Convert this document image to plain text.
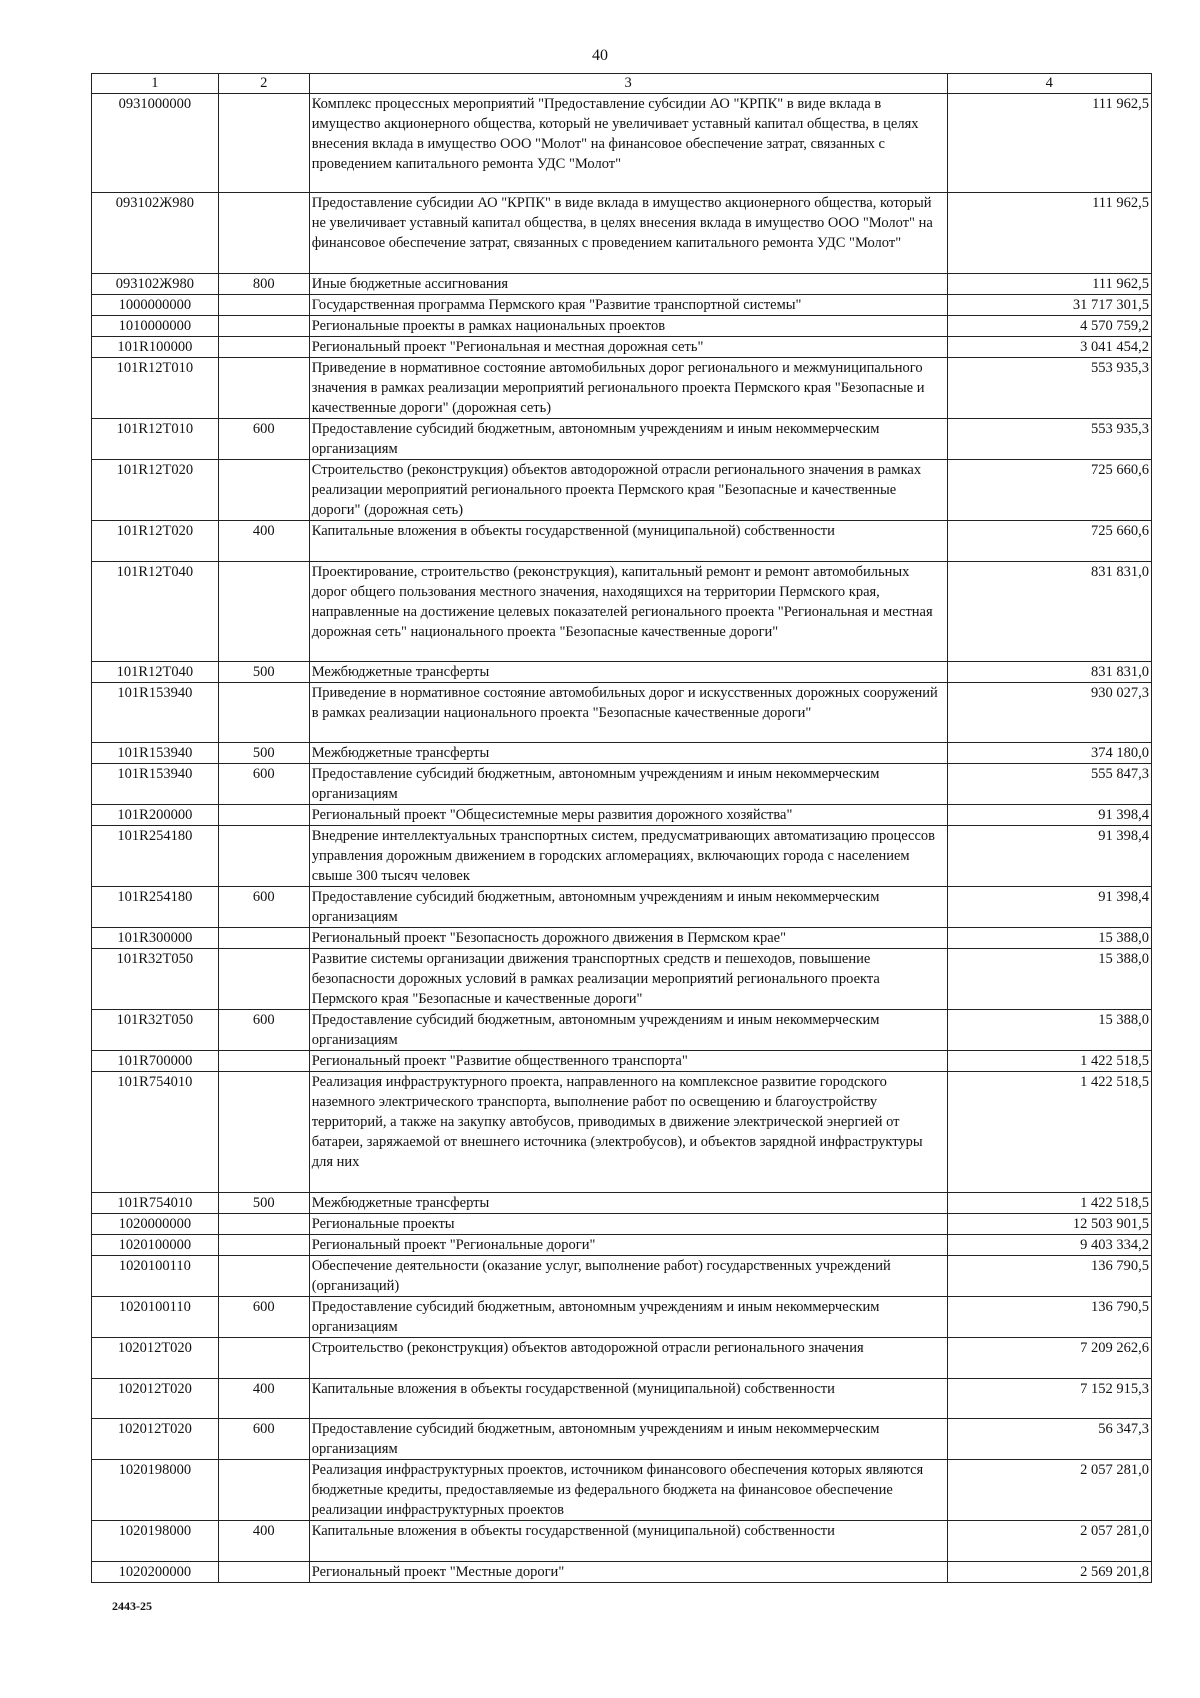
40
1	2	3	4
0931000000		Комплекс процессных мероприятий "Предоставление субсидии АО "КРПК" в виде вклада в имущество акционерного общества, который не увеличивает уставный капитал общества, в целях внесения вклада в имущество ООО "Молот" на финансовое обеспечение затрат, связанных с проведением капитального ремонта УДС "Молот"	111 962,5
093102Ж980		Предоставление субсидии АО "КРПК" в виде вклада в имущество акционерного общества, который не увеличивает уставный капитал общества, в целях внесения вклада в имущество ООО "Молот" на финансовое обеспечение затрат, связанных с проведением капитального ремонта УДС "Молот"	111 962,5
093102Ж980	800	Иные бюджетные ассигнования	111 962,5
1000000000		Государственная программа Пермского края "Развитие транспортной системы"	31 717 301,5
1010000000		Региональные проекты в рамках национальных проектов	4 570 759,2
101R100000		Региональный проект "Региональная и местная дорожная сеть"	3 041 454,2
101R12Т010		Приведение в нормативное состояние автомобильных дорог регионального и межмуниципального значения в рамках реализации мероприятий регионального проекта Пермского края "Безопасные и качественные дороги" (дорожная сеть)	553 935,3
101R12Т010	600	Предоставление субсидий бюджетным, автономным учреждениям и иным некоммерческим организациям	553 935,3
101R12Т020		Строительство (реконструкция) объектов автодорожной отрасли регионального значения в рамках реализации мероприятий регионального проекта Пермского края "Безопасные и качественные дороги" (дорожная сеть)	725 660,6
101R12Т020	400	Капитальные вложения в объекты государственной (муниципальной) собственности	725 660,6
101R12Т040		Проектирование, строительство (реконструкция), капитальный ремонт и ремонт автомобильных дорог общего пользования местного значения, находящихся на территории Пермского края, направленные на достижение целевых показателей регионального проекта "Региональная и местная дорожная сеть" национального проекта "Безопасные качественные дороги"	831 831,0
101R12Т040	500	Межбюджетные трансферты	831 831,0
101R153940		Приведение в нормативное состояние автомобильных дорог и искусственных дорожных сооружений в рамках реализации национального проекта "Безопасные качественные дороги"	930 027,3
101R153940	500	Межбюджетные трансферты	374 180,0
101R153940	600	Предоставление субсидий бюджетным, автономным учреждениям и иным некоммерческим организациям	555 847,3
101R200000		Региональный проект "Общесистемные меры развития дорожного хозяйства"	91 398,4
101R254180		Внедрение интеллектуальных транспортных систем, предусматривающих автоматизацию процессов управления дорожным движением в городских агломерациях, включающих города с населением свыше 300 тысяч человек	91 398,4
101R254180	600	Предоставление субсидий бюджетным, автономным учреждениям и иным некоммерческим организациям	91 398,4
101R300000		Региональный проект "Безопасность дорожного движения в Пермском крае"	15 388,0
101R32Т050		Развитие системы организации движения транспортных средств и пешеходов, повышение безопасности дорожных условий в рамках реализации мероприятий регионального проекта Пермского края "Безопасные и качественные дороги"	15 388,0
101R32Т050	600	Предоставление субсидий бюджетным, автономным учреждениям и иным некоммерческим организациям	15 388,0
101R700000		Региональный проект "Развитие общественного транспорта"	1 422 518,5
101R754010		Реализация инфраструктурного проекта, направленного на комплексное развитие городского наземного электрического транспорта, выполнение работ по освещению и благоустройству территорий, а также на закупку автобусов, приводимых в движение электрической энергией от батареи, заряжаемой от внешнего источника (электробусов), и объектов зарядной инфраструктуры для них	1 422 518,5
101R754010	500	Межбюджетные трансферты	1 422 518,5
1020000000		Региональные проекты	12 503 901,5
1020100000		Региональный проект "Региональные дороги"	9 403 334,2
1020100110		Обеспечение деятельности (оказание услуг, выполнение работ) государственных учреждений (организаций)	136 790,5
1020100110	600	Предоставление субсидий бюджетным, автономным учреждениям и иным некоммерческим организациям	136 790,5
102012Т020		Строительство (реконструкция) объектов автодорожной отрасли регионального значения	7 209 262,6
102012Т020	400	Капитальные вложения в объекты государственной (муниципальной) собственности	7 152 915,3
102012Т020	600	Предоставление субсидий бюджетным, автономным учреждениям и иным некоммерческим организациям	56 347,3
1020198000		Реализация инфраструктурных проектов, источником финансового обеспечения которых являются бюджетные кредиты, предоставляемые из федерального бюджета на финансовое обеспечение реализации инфраструктурных проектов	2 057 281,0
1020198000	400	Капитальные вложения в объекты государственной (муниципальной) собственности	2 057 281,0
1020200000		Региональный проект "Местные дороги"	2 569 201,8
2443-25
